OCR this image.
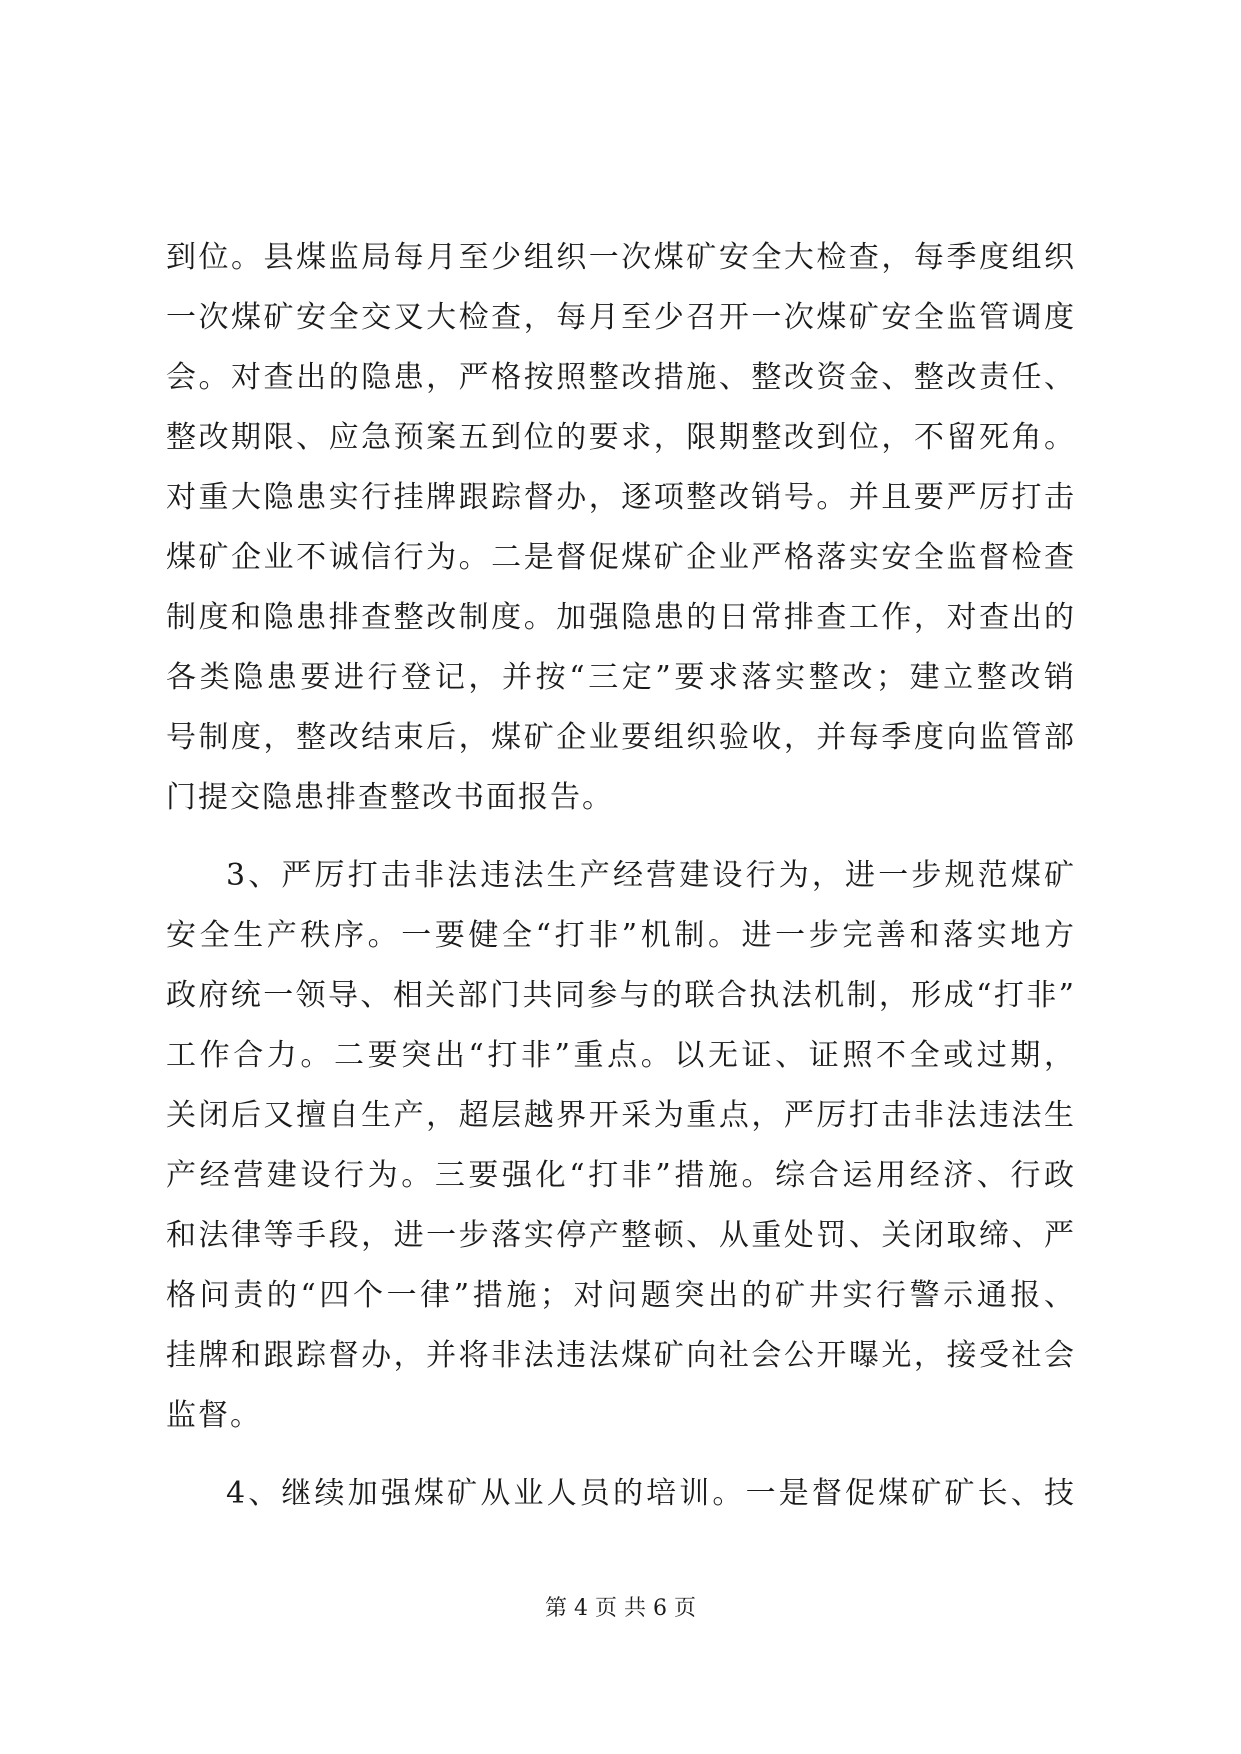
到位。县煤监局每月至少组织一次煤矿安全大检查，每季度组织
一次煤矿安全交叉大检查，每月至少召开一次煤矿安全监管调度
会。对查出的隐患，严格按照整改措施、整改资金、整改责任、
整改期限、应急预案五到位的要求，限期整改到位，不留死角。
对重大隐患实行挂牌跟踪督办，逐项整改销号。并且要严厉打击
煤矿企业不诚信行为。二是督促煤矿企业严格落实安全监督检查
制度和隐患排查整改制度。加强隐患的日常排查工作，对查出的
各类隐患要进行登记，并按“三定”要求落实整改；建立整改销
号制度，整改结束后，煤矿企业要组织验收，并每季度向监管部
门提交隐患排查整改书面报告。
3、严厉打击非法违法生产经营建设行为，进一步规范煤矿
安全生产秩序。一要健全“打非”机制。进一步完善和落实地方
政府统一领导、相关部门共同参与的联合执法机制，形成“打非”
工作合力。二要突出“打非”重点。以无证、证照不全或过期，
关闭后又擅自生产，超层越界开采为重点，严厉打击非法违法生
产经营建设行为。三要强化“打非”措施。综合运用经济、行政
和法律等手段，进一步落实停产整顿、从重处罚、关闭取缔、严
格问责的“四个一律”措施；对问题突出的矿井实行警示通报、
挂牌和跟踪督办，并将非法违法煤矿向社会公开曝光，接受社会
监督。
4、继续加强煤矿从业人员的培训。一是督促煤矿矿长、技
第 4 页 共 6 页
